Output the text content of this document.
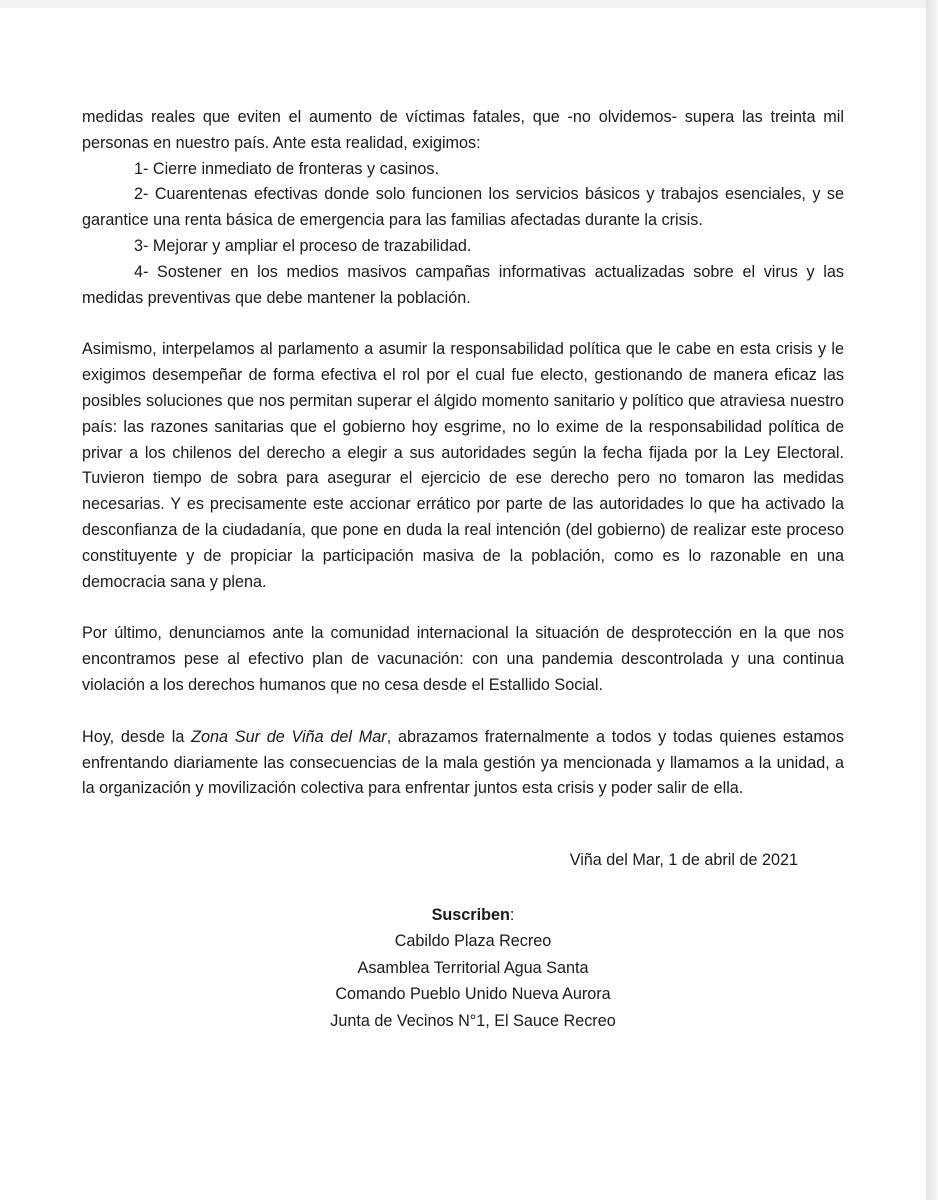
medidas reales que eviten el aumento de víctimas fatales, que -no olvidemos- supera las treinta mil personas en nuestro país. Ante esta realidad, exigimos:

1- Cierre inmediato de fronteras y casinos.
2- Cuarentenas efectivas donde solo funcionen los servicios básicos y trabajos esenciales, y se garantice una renta básica de emergencia para las familias afectadas durante la crisis.
3- Mejorar y ampliar el proceso de trazabilidad.
4- Sostener en los medios masivos campañas informativas actualizadas sobre el virus y las medidas preventivas que debe mantener la población.

Asimismo, interpelamos al parlamento a asumir la responsabilidad política que le cabe en esta crisis y le exigimos desempeñar de forma efectiva el rol por el cual fue electo, gestionando de manera eficaz las posibles soluciones que nos permitan superar el álgido momento sanitario y político que atraviesa nuestro país: las razones sanitarias que el gobierno hoy esgrime, no lo exime de la responsabilidad política de privar a los chilenos del derecho a elegir a sus autoridades según la fecha fijada por la Ley Electoral. Tuvieron tiempo de sobra para asegurar el ejercicio de ese derecho pero no tomaron las medidas necesarias. Y es precisamente este accionar errático por parte de las autoridades lo que ha activado la desconfianza de la ciudadanía, que pone en duda la real intención (del gobierno) de realizar este proceso constituyente y de propiciar la participación masiva de la población, como es lo razonable en una democracia sana y plena.

Por último, denunciamos ante la comunidad internacional la situación de desprotección en la que nos encontramos pese al efectivo plan de vacunación: con una pandemia descontrolada y una continua violación a los derechos humanos que no cesa desde el Estallido Social.

Hoy, desde la Zona Sur de Viña del Mar, abrazamos fraternalmente a todos y todas quienes estamos enfrentando diariamente las consecuencias de la mala gestión ya mencionada y llamamos a la unidad, a la organización y movilización colectiva para enfrentar juntos esta crisis y poder salir de ella.

Viña del Mar, 1 de abril de 2021

Suscriben:
Cabildo Plaza Recreo
Asamblea Territorial Agua Santa
Comando Pueblo Unido Nueva Aurora
Junta de Vecinos N°1, El Sauce Recreo
